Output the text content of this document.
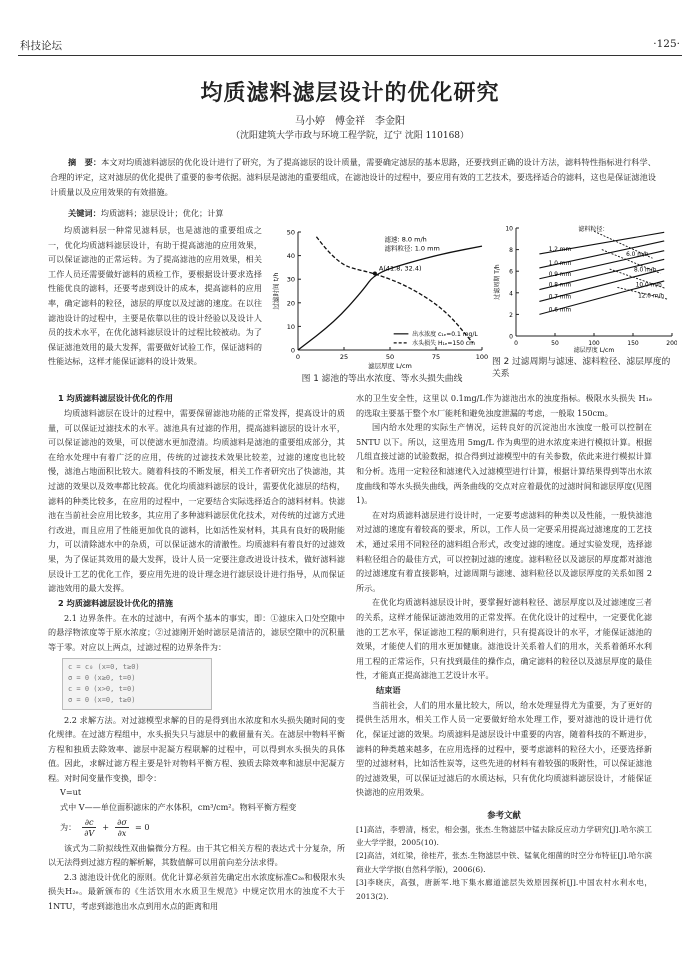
科技论坛	·125·
均质滤料滤层设计的优化研究
马小婷　傅金祥　李金阳
（沈阳建筑大学市政与环境工程学院，辽宁 沈阳 110168）
摘　要：本文对均质滤料滤层的优化设计进行了研究，为了提高滤层的设计质量，需要确定滤层的基本思路，还要找到正确的设计方法，滤料特性指标进行科学、合理的评定，这对滤层的优化提供了重要的参考依据。滤料层是滤池的重要组成，在滤池设计的过程中，要应用有效的工艺技术，要选择适合的滤料，这也是保证滤池设计质量以及应用效果的有效措施。
关键词：均质滤料；滤层设计；优化；计算

均质滤料层一种常见滤料层，也是滤池的重要组成之一，优化均质滤料滤层设计，有助于提高滤池的应用效果，可以保证滤池的正常运转。为了提高滤池的应用效果，相关工作人员还需要做好滤料的质检工作，要根据设计要求选择性能优良的滤料，还要考虑到设计的成本，提高滤料的应用率，确定滤料的粒径，滤层的厚度以及过滤的速度。在以往滤池设计的过程中，主要是依靠以往的设计经验以及设计人员的技术水平，在优化滤料滤层设计的过程比较被动。为了保证滤池效用的最大发挥，需要做好试验工作，保证滤料的性能达标，这样才能保证滤料的设计效果。	0	25	50	75	100
0
10
20
30
40
50
过滤时间 t/h
滤层厚度 L/cm
A(41.8, 32.4)
滤速: 8.0 m/h
滤料粒径: 1.0 mm
出水浓度 c₁ₑ=0.1 mg/L
水头损失 H₁ₑ=150 cm
图 1 滤池的等出水浓度、等水头损失曲线
0	50	100	150	200
0
2
4
6
8
10
过滤周期 T/h
滤层厚度 L/cm
滤料粒径：
1.2 mm
1.0 mm
0.9 mm
0.8 mm
0.7 mm
0.6 mm
6.0 m/h
8.0 m/h
10.0 m/h
12.0 m/h
图 2 过滤周期与滤速、滤料粒径、滤层厚度的关系
1 均质滤料滤层设计优化的作用

均质滤料滤层在设计的过程中，需要保留滤池功能的正常发挥，提高设计的质量，可以保证过滤技术的水平。滤池具有过滤的作用，提高滤料滤层的设计水平，可以保证滤池的效果，可以使滤水更加澄清。均质滤料是滤池的重要组成部分，其在给水处理中有着广泛的应用，传统的过滤技术效果比较差，过滤的速度也比较慢，滤池占地面积比较大。随着科技的不断发展，相关工作者研究出了快滤池，其过滤的效果以及效率都比较高。优化均质滤料滤层的设计，需要优化滤层的结构，滤料的种类比较多，在应用的过程中，一定要结合实际选择适合的滤料材料。快滤池在当前社会应用比较多，其应用了多种滤料滤层优化技术，对传统的过滤方式进行改进，而且应用了性能更加优良的滤料，比如活性炭材料，其具有良好的吸附能力，可以清除滤水中的杂质，可以保证滤水的清澈性。均质滤料有着良好的过滤效果，为了保证其效用的最大发挥，设计人员一定要注意改进设计技术，做好滤料滤层设计工艺的优化工作，要应用先进的设计理念进行滤层设计进行指导，从而保证滤池效用的最大发挥。

2 均质滤料滤层设计优化的措施

2.1 边界条件。在水的过滤中，有两个基本的事实，即：①滤床入口处空隙中的悬浮物浓度等于原水浓度；②过滤刚开始时滤层是清洁的，滤层空隙中的沉积量等于零。对应以上两点，过滤过程的边界条件为：

c = c₀ (x=0, t≥0)
σ = 0 (x≥0, t=0)
c = 0 (x>0, t=0)
σ = 0 (x=0, t≥0)

2.2 求解方法。对过滤模型求解的目的是得到出水浓度和水头损失随时间的变化规律。在过滤方程组中，水头损失只与滤层中的截留量有关。在滤层中物料平衡方程和独质去除效率、滤层中泥凝方程联解的过程中，可以得到水头损失的具体值。因此，求解过滤方程主要是针对物料平衡方程、独质去除效率和滤层中泥凝方程。对时间变量作变换，即令：

V=ut
式中 V——单位面积滤床的产水体积，cm³/cm²。物料平衡方程变
为：
∂c
∂V
+
∂σ
∂x
= 0

该式为二阶拟线性双曲偏微分方程。由于其它相关方程的表达式十分复杂，所以无法得到过滤方程的解析解，其数值解可以用前向差分法求得。

2.3 滤池设计优化的原则。优化计算必须首先确定出水浓度标准C₂ₑ和极限水头损失H₂ₑ。最新颁布的《生活饮用水水质卫生规范》中规定饮用水的浊度不大于 1NTU，考虑到滤池出水点到用水点的距离和用

水的卫生安全性，这里以 0.1mg/L作为滤池出水的浊度指标。极限水头损失 H₁ₑ 的选取主要基于整个水厂能耗和避免浊度泄漏的考虑，一般取 150cm。

国内给水处理的实际生产情况，运转良好的沉淀池出水浊度一般可以控制在 5NTU 以下。所以，这里选用 5mg/L 作为典型的进水浓度来进行模拟计算。根据几组直接过滤的试验数据，拟合得到过滤模型中的有关参数，依此来进行模拟计算和分析。选用一定粒径和滤速代入过滤模型进行计算，根据计算结果得到等出水浓度曲线和等水头损失曲线，两条曲线的交点对应着最优的过滤时间和滤层厚度(见图 1)。

在对均质滤料滤层进行设计时，一定要考虑滤料的种类以及性能，一般快滤池对过滤的速度有着较高的要求，所以，工作人员一定要采用提高过滤速度的工艺技术，通过采用不同粒径的滤料组合形式，改变过滤的速度。通过实验发现，选择滤料粒径组合的最佳方式，可以控制过滤的速度。滤料粒径以及滤层的厚度都对滤池的过滤速度有着直接影响，过滤周期与滤速、滤料粒径以及滤层厚度的关系如图 2 所示。

在优化均质滤料滤层设计时，要掌握好滤料粒径、滤层厚度以及过滤速度三者的关系，这样才能保证滤池效用的正常发挥。在优化设计的过程中，一定要优化滤池的工艺水平，保证滤池工程的顺利进行，只有提高设计的水平，才能保证滤池的效果，才能使人们的用水更加健康。滤池设计关系着人们的用水，关系着循环水利用工程的正常运作，只有找到最佳的操作点，确定滤料的粒径以及滤层厚度的最佳性，才能真正提高滤池工艺设计水平。

结束语

当前社会，人们的用水量比较大，所以，给水处理显得尤为重要，为了更好的提供生活用水，相关工作人员一定要做好给水处理工作，要对滤池的设计进行优化，保证过滤的效果。均质滤料是滤层设计中重要的内容，随着科技的不断进步，滤料的种类越来越多，在应用选择的过程中，要考虑滤料的粒径大小，还要选择新型的过滤材料，比如活性炭等，这些先进的材料有着较强的吸附性，可以保证滤池的过滤效果，可以保证过滤后的水质达标，只有优化均质滤料滤层设计，才能保证快滤池的应用效果。

参考文献
[1]高洁，李碧清，杨宏，相会强，张杰.生物滤层中锰去除反应动力学研究[J].哈尔滨工业大学学报，2005(10).
[2]高洁，刘红梁，徐桂芹，张杰.生物滤层中铁、锰氧化细菌的时空分布特征[J].哈尔滨商业大学学报(自然科学版)，2006(6).
[3]李晓庆，高强，唐新军.地下集水廊道滤层失效原因探析[J].中国农村水利水电，2013(2).
